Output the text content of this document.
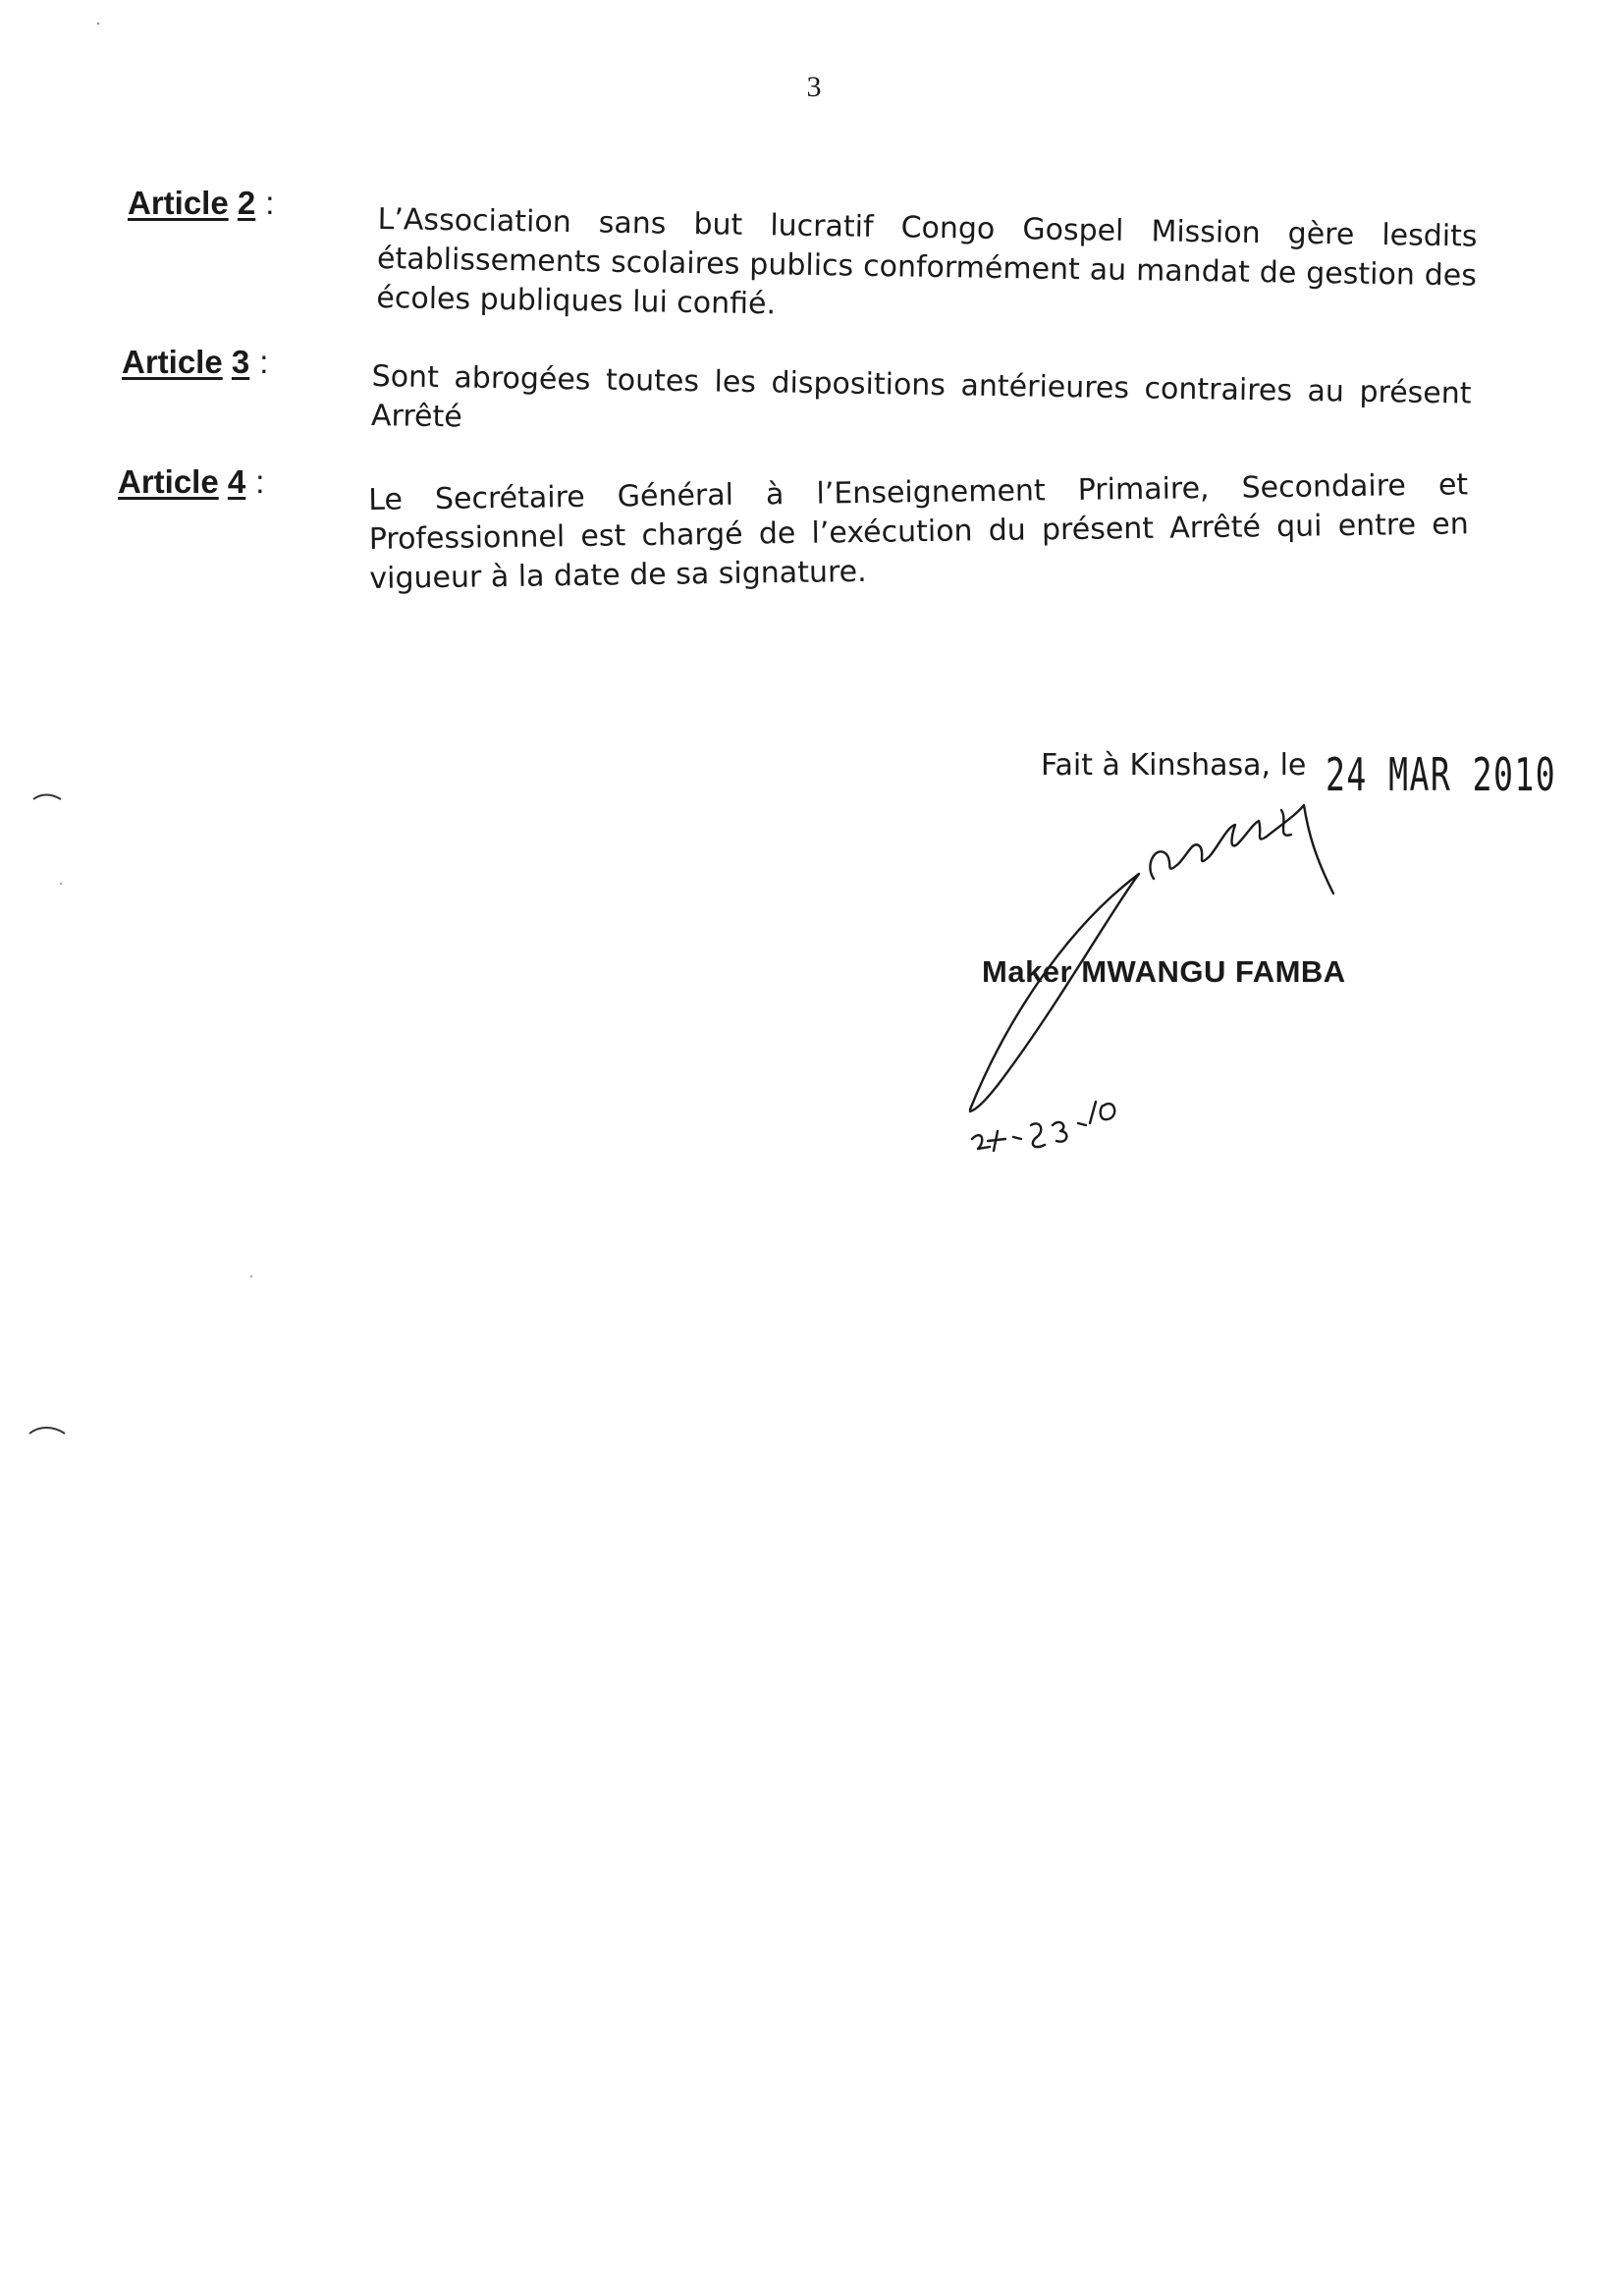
3
Article 2 :	L’Association sans but lucratif Congo Gospel Mission gère lesdits établissements scolaires publics conformément au mandat de gestion des écoles publiques lui confié.
Article 3 :	Sont abrogées toutes les dispositions antérieures contraires au présent Arrêté
Article 4 :	Le Secrétaire Général à l’Enseignement Primaire, Secondaire et Professionnel est chargé de l’exécution du présent Arrêté qui entre en vigueur à la date de sa signature.
Fait à Kinshasa, le 24 MAR 2010
Maker MWANGU FAMBA
